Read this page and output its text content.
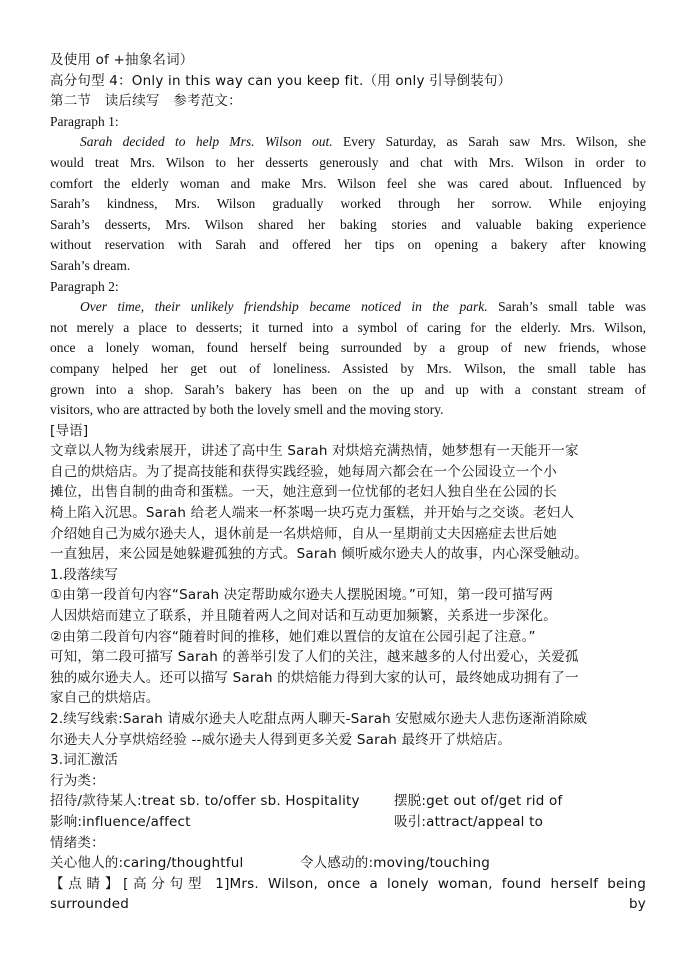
及使用 of +抽象名词）
高分句型 4：Only in this way can you keep fit.（用 only 引导倒装句）
第二节　读后续写　参考范文：
Paragraph 1:
Sarah decided to help Mrs. Wilson out. Every Saturday, as Sarah saw Mrs. Wilson, she
would treat Mrs. Wilson to her desserts generously and chat with Mrs. Wilson in order to
comfort the elderly woman and make Mrs. Wilson feel she was cared about. Influenced by
Sarah’s kindness, Mrs. Wilson gradually worked through her sorrow. While enjoying
Sarah’s desserts, Mrs. Wilson shared her baking stories and valuable baking experience
without reservation with Sarah and offered her tips on opening a bakery after knowing
Sarah’s dream.
Paragraph 2:
Over time, their unlikely friendship became noticed in the park. Sarah’s small table was
not merely a place to desserts; it turned into a symbol of caring for the elderly. Mrs. Wilson,
once a lonely woman, found herself being surrounded by a group of new friends, whose
company helped her get out of loneliness. Assisted by Mrs. Wilson, the small table has
grown into a shop. Sarah’s bakery has been on the up and up with a constant stream of
visitors, who are attracted by both the lovely smell and the moving story.
[导语]
文章以人物为线索展开，讲述了高中生 Sarah 对烘焙充满热情，她梦想有一天能开一家
自己的烘焙店。为了提高技能和获得实践经验，她每周六都会在一个公园设立一个小
摊位，出售自制的曲奇和蛋糕。一天，她注意到一位忧郁的老妇人独自坐在公园的长
椅上陷入沉思。Sarah 给老人端来一杯茶喝一块巧克力蛋糕，并开始与之交谈。老妇人
介绍她自己为威尔逊夫人，退休前是一名烘焙师，自从一星期前丈夫因癌症去世后她
一直独居，来公园是她躲避孤独的方式。Sarah 倾听威尔逊夫人的故事，内心深受触动。
1.段落续写
①由第一段首句内容“Sarah 决定帮助威尔逊夫人摆脱困境。”可知，第一段可描写两
人因烘焙而建立了联系，并且随着两人之间对话和互动更加频繁，关系进一步深化。
②由第二段首句内容“随着时间的推移，她们难以置信的友谊在公园引起了注意。”
可知，第二段可描写 Sarah 的善举引发了人们的关注，越来越多的人付出爱心，关爱孤
独的威尔逊夫人。还可以描写 Sarah 的烘焙能力得到大家的认可，最终她成功拥有了一
家自己的烘焙店。
2.续写线索:Sarah 请威尔逊夫人吃甜点两人聊天-Sarah 安慰威尔逊夫人悲伤逐渐消除威
尔逊夫人分享烘焙经验 --威尔逊夫人得到更多关爱 Sarah 最终开了烘焙店。
3.词汇激活
行为类：
招待/款待某人:treat sb. to/offer sb. Hospitality	摆脱:get out of/get rid of
影响:influence/affect	吸引:attract/appeal to
情绪类：
关心他人的:caring/thoughtful	令人感动的:moving/touching
【点睛】[高分句型 1]Mrs. Wilson, once a lonely woman, found herself being surrounded by
